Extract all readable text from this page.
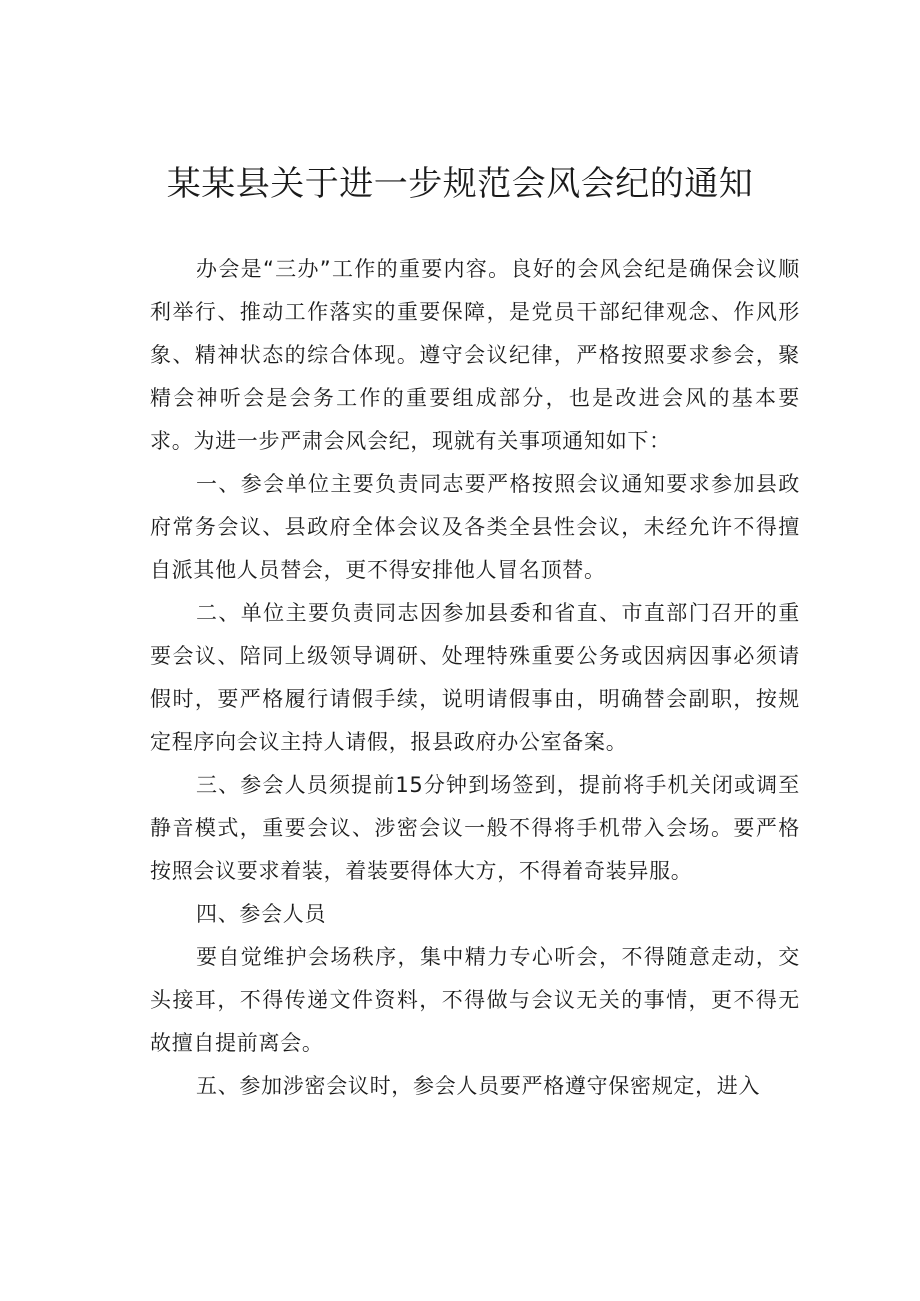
某某县关于进一步规范会风会纪的通知

办会是“三办”工作的重要内容。良好的会风会纪是确保会议顺利举行、推动工作落实的重要保障，是党员干部纪律观念、作风形象、精神状态的综合体现。遵守会议纪律，严格按照要求参会，聚精会神听会是会务工作的重要组成部分，也是改进会风的基本要求。为进一步严肃会风会纪，现就有关事项通知如下：

一、参会单位主要负责同志要严格按照会议通知要求参加县政府常务会议、县政府全体会议及各类全县性会议，未经允许不得擅自派其他人员替会，更不得安排他人冒名顶替。

二、单位主要负责同志因参加县委和省直、市直部门召开的重要会议、陪同上级领导调研、处理特殊重要公务或因病因事必须请假时，要严格履行请假手续，说明请假事由，明确替会副职，按规定程序向会议主持人请假，报县政府办公室备案。

三、参会人员须提前15分钟到场签到，提前将手机关闭或调至静音模式，重要会议、涉密会议一般不得将手机带入会场。要严格按照会议要求着装，着装要得体大方，不得着奇装异服。

四、参会人员

要自觉维护会场秩序，集中精力专心听会，不得随意走动，交头接耳，不得传递文件资料，不得做与会议无关的事情，更不得无故擅自提前离会。

五、参加涉密会议时，参会人员要严格遵守保密规定，进入
